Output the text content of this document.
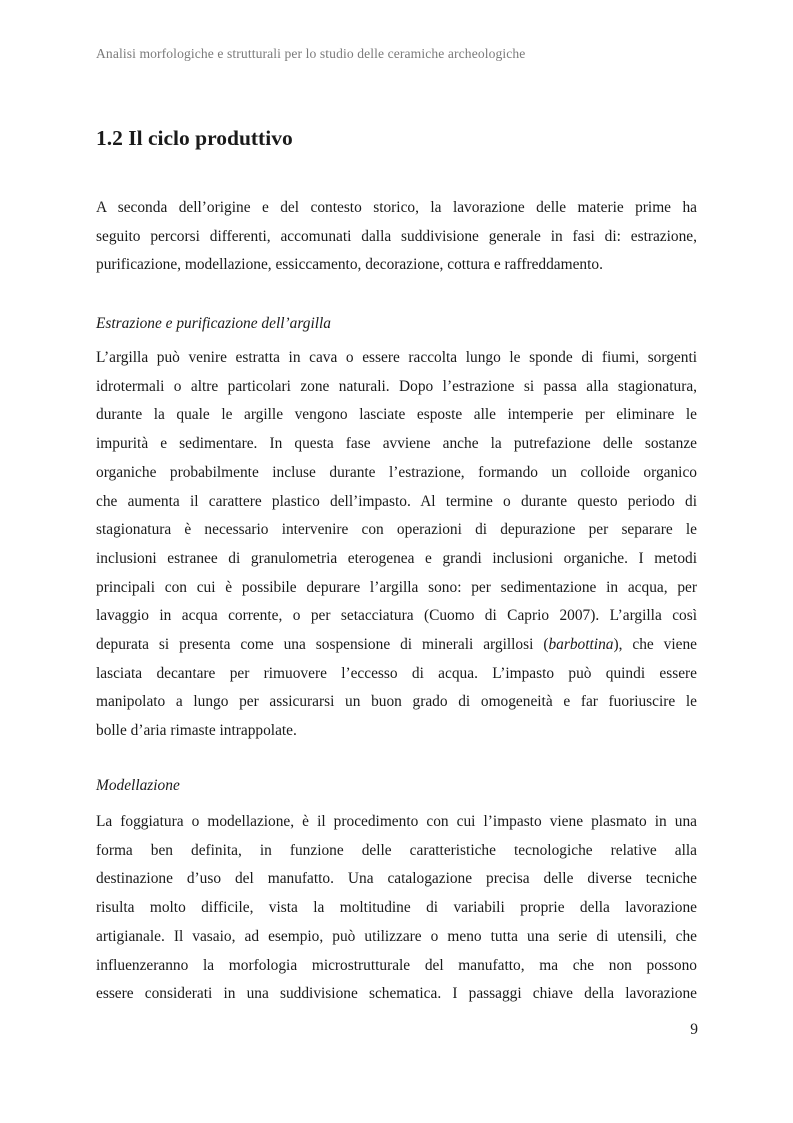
Analisi morfologiche e strutturali per lo studio delle ceramiche archeologiche
1.2 Il ciclo produttivo

A seconda dell’origine e del contesto storico, la lavorazione delle materie prime ha
seguito percorsi differenti, accomunati dalla suddivisione generale in fasi di: estrazione,
purificazione, modellazione, essiccamento, decorazione, cottura e raffreddamento.

Estrazione e purificazione dell’argilla

L’argilla può venire estratta in cava o essere raccolta lungo le sponde di fiumi, sorgenti
idrotermali o altre particolari zone naturali. Dopo l’estrazione si passa alla stagionatura,
durante la quale le argille vengono lasciate esposte alle intemperie per eliminare le
impurità e sedimentare. In questa fase avviene anche la putrefazione delle sostanze
organiche probabilmente incluse durante l’estrazione, formando un colloide organico
che aumenta il carattere plastico dell’impasto. Al termine o durante questo periodo di
stagionatura è necessario intervenire con operazioni di depurazione per separare le
inclusioni estranee di granulometria eterogenea e grandi inclusioni organiche. I metodi
principali con cui è possibile depurare l’argilla sono: per sedimentazione in acqua, per
lavaggio in acqua corrente, o per setacciatura (Cuomo di Caprio 2007). L’argilla così
depurata si presenta come una sospensione di minerali argillosi (barbottina), che viene
lasciata decantare per rimuovere l’eccesso di acqua. L’impasto può quindi essere
manipolato a lungo per assicurarsi un buon grado di omogeneità e far fuoriuscire le
bolle d’aria rimaste intrappolate.

Modellazione

La foggiatura o modellazione, è il procedimento con cui l’impasto viene plasmato in una
forma ben definita, in funzione delle caratteristiche tecnologiche relative alla
destinazione d’uso del manufatto. Una catalogazione precisa delle diverse tecniche
risulta molto difficile, vista la moltitudine di variabili proprie della lavorazione
artigianale. Il vasaio, ad esempio, può utilizzare o meno tutta una serie di utensili, che
influenzeranno la morfologia microstrutturale del manufatto, ma che non possono
essere considerati in una suddivisione schematica. I passaggi chiave della lavorazione

9
